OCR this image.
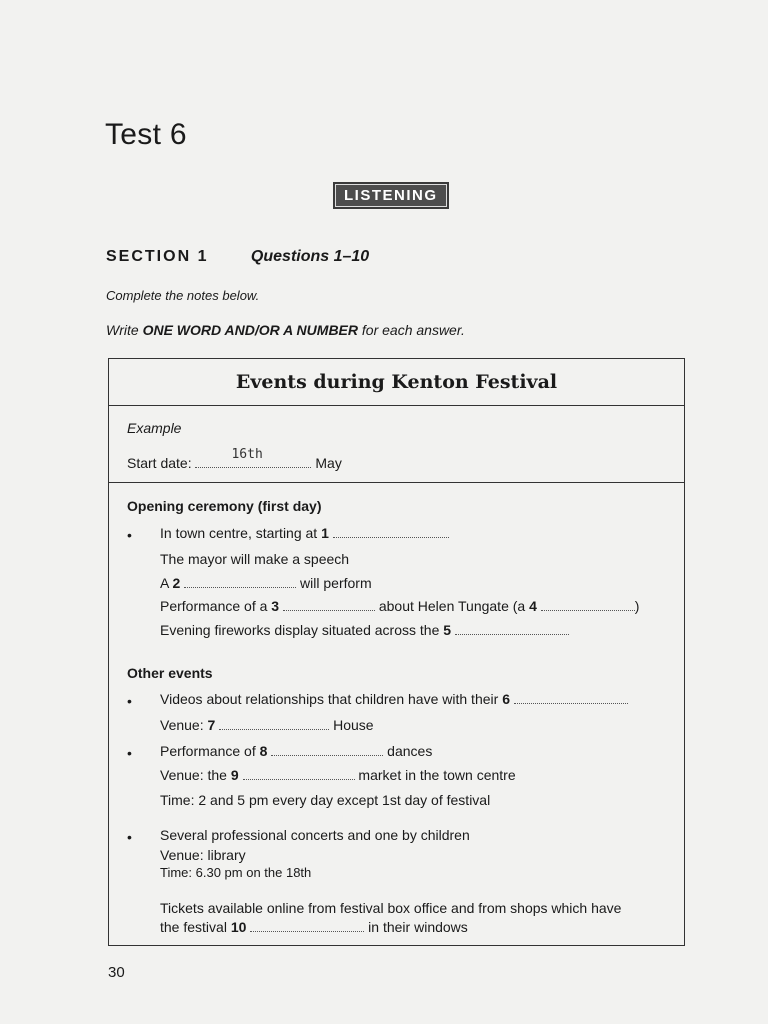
Test 6
LISTENING
SECTION 1	Questions 1–10
Complete the notes below.
Write ONE WORD AND/OR A NUMBER for each answer.
Events during Kenton Festival
Example
Start date:
16th
May
Opening ceremony (first day)
• In town centre, starting at 1
The mayor will make a speech
A 2	will perform
Performance of a 3	about Helen Tungate (a 4	)
Evening fireworks display situated across the 5
Other events
• Videos about relationships that children have with their 6
Venue: 7	House
• Performance of 8	dances
Venue: the 9	market in the town centre
Time: 2 and 5 pm every day except 1st day of festival
• Several professional concerts and one by children
Venue: library
Time: 6.30 pm on the 18th
Tickets available online from festival box office and from shops which have
the festival 10	in their windows
30
